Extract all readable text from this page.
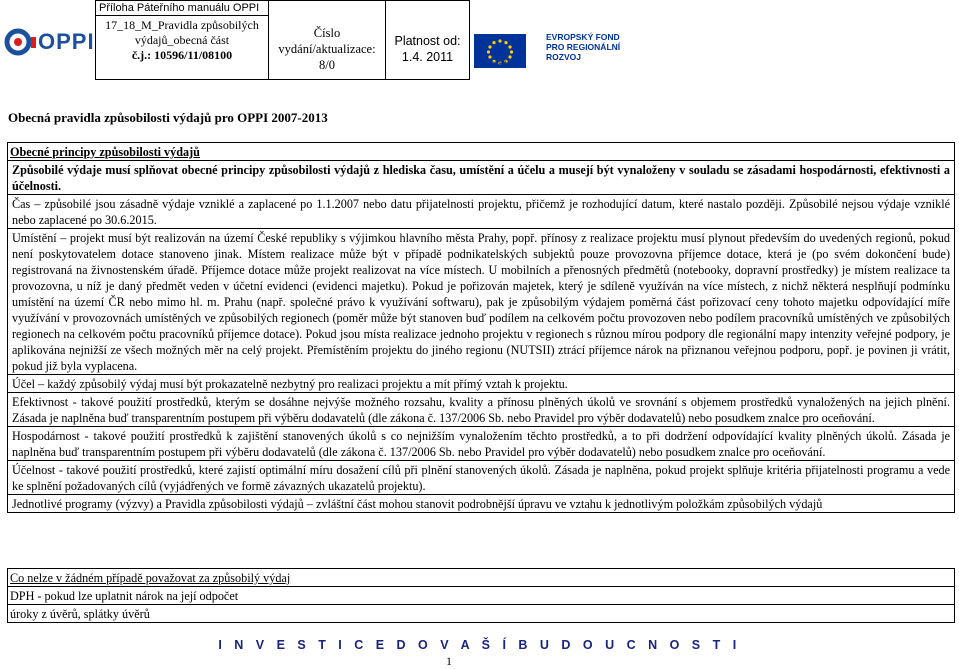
Příloha Páteřního manuálu OPPI
17_18_M_Pravidla způsobilých výdajů_obecná část
č.j.: 10596/11/08100
Číslo vydání/aktualizace:
8/0
Platnost od:
1.4. 2011
OPPI
EVROPSKÁ UNIE
EVROPSKÝ FOND
PRO REGIONÁLNÍ
ROZVOJ
Obecná pravidla způsobilosti výdajů pro OPPI 2007-2013
Obecné principy způsobilosti výdajů

Způsobilé výdaje musí splňovat obecné principy způsobilosti výdajů z hlediska času, umístění a účelu a musejí být vynaloženy v souladu se zásadami hospodárnosti, efektivnosti a účelnosti.

Čas – způsobilé jsou zásadně výdaje vzniklé a zaplacené po 1.1.2007 nebo datu přijatelnosti projektu, přičemž je rozhodující datum, které nastalo později. Způsobilé nejsou výdaje vzniklé nebo zaplacené po 30.6.2015.

Umístění – projekt musí být realizován na území České republiky s výjimkou hlavního města Prahy, popř. přínosy z realizace projektu musí plynout především do uvedených regionů, pokud není poskytovatelem dotace stanoveno jinak. Místem realizace může být v případě podnikatelských subjektů pouze provozovna příjemce dotace, která je (po svém dokončení bude) registrovaná na živnostenském úřadě. Příjemce dotace může projekt realizovat na více místech. U mobilních a přenosných předmětů (notebooky, dopravní prostředky) je místem realizace ta provozovna, u níž je daný předmět veden v účetní evidenci (evidenci majetku). Pokud je pořizován majetek, který je sdíleně využíván na více místech, z nichž některá nesplňují podmínku umístění na území ČR nebo mimo hl. m. Prahu (např. společné právo k využívání softwaru), pak je způsobilým výdajem poměrná část pořizovací ceny tohoto majetku odpovídající míře využívání v provozovnách umístěných ve způsobilých regionech (poměr může být stanoven buď podílem na celkovém počtu provozoven nebo podílem pracovníků umístěných ve způsobilých regionech na celkovém počtu pracovníků příjemce dotace). Pokud jsou místa realizace jednoho projektu v regionech s různou mírou podpory dle regionální mapy intenzity veřejné podpory, je aplikována nejnižší ze všech možných měr na celý projekt. Přemístěním projektu do jiného regionu (NUTSII) ztrácí příjemce nárok na přiznanou veřejnou podporu, popř. je povinen ji vrátit, pokud již byla vyplacena.

Účel – každý způsobilý výdaj musí být prokazatelně nezbytný pro realizaci projektu a mít přímý vztah k projektu.

Efektivnost - takové použití prostředků, kterým se dosáhne nejvýše možného rozsahu, kvality a přínosu plněných úkolů ve srovnání s objemem prostředků vynaložených na jejich plnění. Zásada je naplněna buď transparentním postupem při výběru dodavatelů (dle zákona č. 137/2006 Sb. nebo Pravidel pro výběr dodavatelů) nebo posudkem znalce pro oceňování.

Hospodárnost - takové použití prostředků k zajištění stanovených úkolů s co nejnižším vynaložením těchto prostředků, a to při dodržení odpovídající kvality plněných úkolů. Zásada je naplněna buď transparentním postupem při výběru dodavatelů (dle zákona č. 137/2006 Sb. nebo Pravidel pro výběr dodavatelů) nebo posudkem znalce pro oceňování.

Účelnost - takové použití prostředků, které zajistí optimální míru dosažení cílů při plnění stanovených úkolů. Zásada je naplněna, pokud projekt splňuje kritéria přijatelnosti programu a vede ke splnění požadovaných cílů (vyjádřených ve formě závazných ukazatelů projektu).

Jednotlivé programy (výzvy) a Pravidla způsobilosti výdajů – zvláštní část mohou stanovit podrobnější úpravu ve vztahu k jednotlivým položkám způsobilých výdajů

Co nelze v žádném případě považovat za způsobilý výdaj
DPH - pokud lze uplatnit nárok na její odpočet
úroky z úvěrů, splátky úvěrů
I N V E S T I C E D O V A Š Í B U D O U C N O S T I
1
